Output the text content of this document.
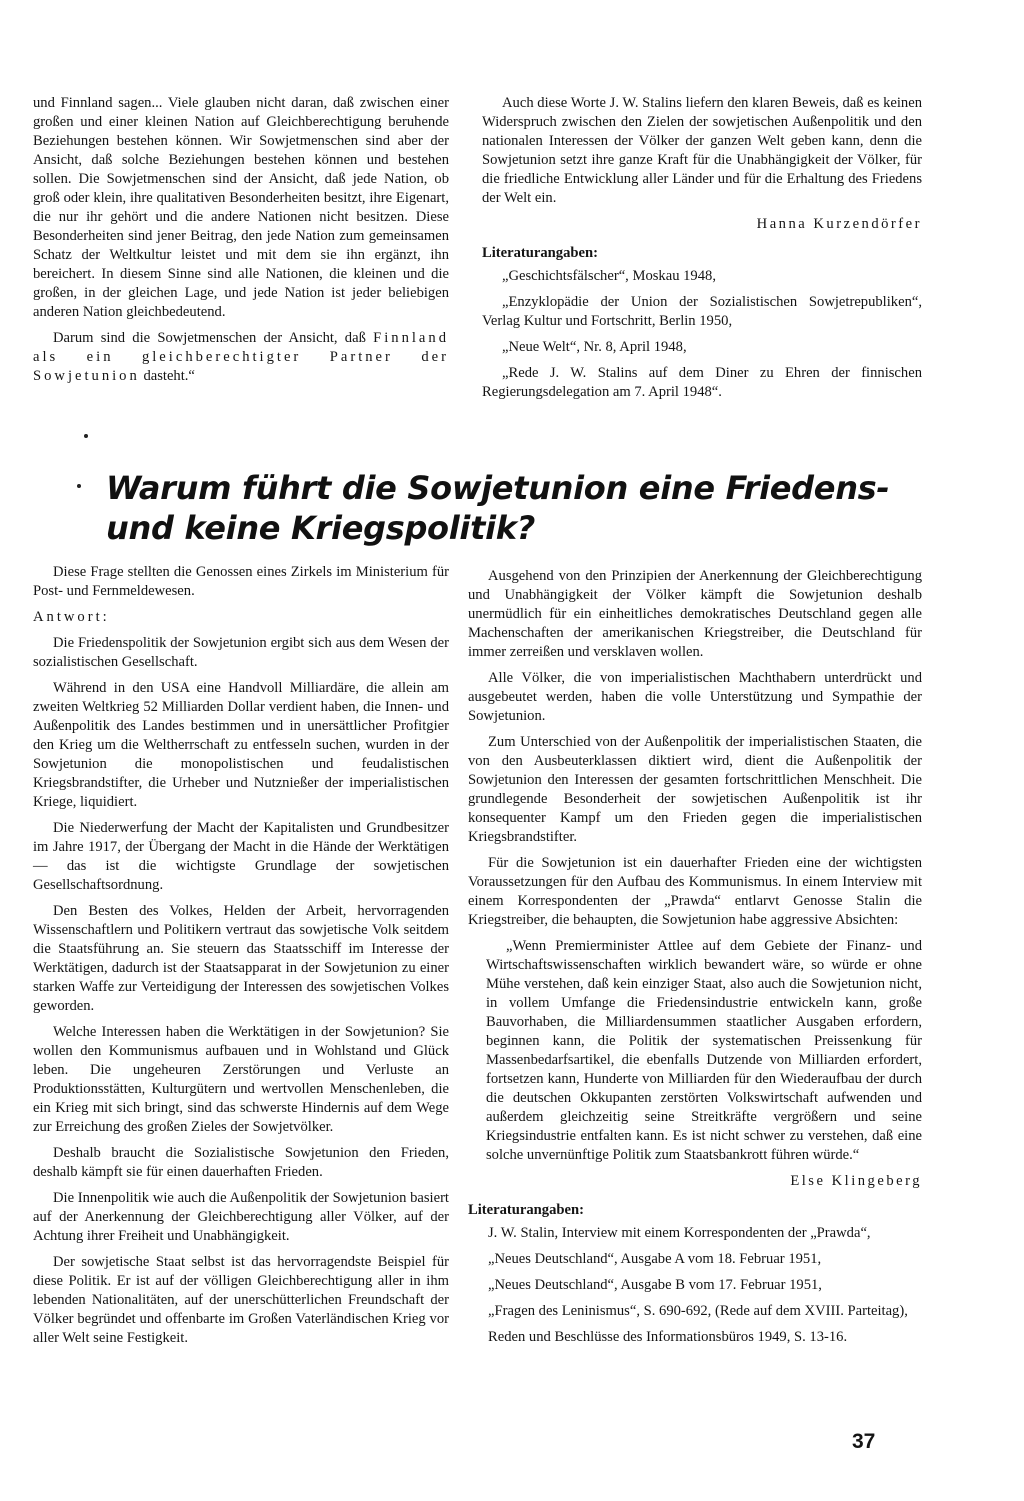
und Finnland sagen... Viele glauben nicht daran, daß zwischen einer großen und einer kleinen Nation auf Gleichberechtigung beruhende Beziehungen bestehen können. Wir Sowjetmenschen sind aber der Ansicht, daß solche Beziehungen bestehen können und bestehen sollen. Die Sowjetmenschen sind der Ansicht, daß jede Nation, ob groß oder klein, ihre qualitativen Besonderheiten besitzt, ihre Eigenart, die nur ihr gehört und die andere Nationen nicht besitzen. Diese Besonderheiten sind jener Beitrag, den jede Nation zum gemeinsamen Schatz der Weltkultur leistet und mit dem sie ihn ergänzt, ihn bereichert. In diesem Sinne sind alle Nationen, die kleinen und die großen, in der gleichen Lage, und jede Nation ist jeder beliebigen anderen Nation gleichbedeutend.

Darum sind die Sowjetmenschen der Ansicht, daß Finnland als ein gleichberechtigter Partner der Sowjetunion dasteht.“

Auch diese Worte J. W. Stalins liefern den klaren Beweis, daß es keinen Widerspruch zwischen den Zielen der sowjetischen Außenpolitik und den nationalen Interessen der Völker der ganzen Welt geben kann, denn die Sowjetunion setzt ihre ganze Kraft für die Unabhängigkeit der Völker, für die friedliche Entwicklung aller Länder und für die Erhaltung des Friedens der Welt ein.

Hanna Kurzendörfer
Literaturangaben:

„Geschichtsfälscher“, Moskau 1948,

„Enzyklopädie der Union der Sozialistischen Sowjetrepubliken“, Verlag Kultur und Fortschritt, Berlin 1950,

„Neue Welt“, Nr. 8, April 1948,

„Rede J. W. Stalins auf dem Diner zu Ehren der finnischen Regierungsdelegation am 7. April 1948“.

Warum führt die Sowjetunion eine Friedens-
und keine Kriegspolitik?

Diese Frage stellten die Genossen eines Zirkels im Ministerium für Post- und Fernmeldewesen.

Antwort:

Die Friedenspolitik der Sowjetunion ergibt sich aus dem Wesen der sozialistischen Gesellschaft.

Während in den USA eine Handvoll Milliardäre, die allein am zweiten Weltkrieg 52 Milliarden Dollar verdient haben, die Innen- und Außenpolitik des Landes bestimmen und in unersättlicher Profitgier den Krieg um die Weltherrschaft zu entfesseln suchen, wurden in der Sowjetunion die monopolistischen und feudalistischen Kriegsbrandstifter, die Urheber und Nutznießer der imperialistischen Kriege, liquidiert.

Die Niederwerfung der Macht der Kapitalisten und Grundbesitzer im Jahre 1917, der Übergang der Macht in die Hände der Werktätigen — das ist die wichtigste Grundlage der sowjetischen Gesellschaftsordnung.

Den Besten des Volkes, Helden der Arbeit, hervorragenden Wissenschaftlern und Politikern vertraut das sowjetische Volk seitdem die Staatsführung an. Sie steuern das Staatsschiff im Interesse der Werktätigen, dadurch ist der Staatsapparat in der Sowjetunion zu einer starken Waffe zur Verteidigung der Interessen des sowjetischen Volkes geworden.

Welche Interessen haben die Werktätigen in der Sowjetunion? Sie wollen den Kommunismus aufbauen und in Wohlstand und Glück leben. Die ungeheuren Zerstörungen und Verluste an Produktionsstätten, Kulturgütern und wertvollen Menschenleben, die ein Krieg mit sich bringt, sind das schwerste Hindernis auf dem Wege zur Erreichung des großen Zieles der Sowjetvölker.

Deshalb braucht die Sozialistische Sowjetunion den Frieden, deshalb kämpft sie für einen dauerhaften Frieden.

Die Innenpolitik wie auch die Außenpolitik der Sowjetunion basiert auf der Anerkennung der Gleichberechtigung aller Völker, auf der Achtung ihrer Freiheit und Unabhängigkeit.

Der sowjetische Staat selbst ist das hervorragendste Beispiel für diese Politik. Er ist auf der völligen Gleichberechtigung aller in ihm lebenden Nationalitäten, auf der unerschütterlichen Freundschaft der Völker begründet und offenbarte im Großen Vaterländischen Krieg vor aller Welt seine Festigkeit.

Ausgehend von den Prinzipien der Anerkennung der Gleichberechtigung und Unabhängigkeit der Völker kämpft die Sowjetunion deshalb unermüdlich für ein einheitliches demokratisches Deutschland gegen alle Machenschaften der amerikanischen Kriegstreiber, die Deutschland für immer zerreißen und versklaven wollen.

Alle Völker, die von imperialistischen Machthabern unterdrückt und ausgebeutet werden, haben die volle Unterstützung und Sympathie der Sowjetunion.

Zum Unterschied von der Außenpolitik der imperialistischen Staaten, die von den Ausbeuterklassen diktiert wird, dient die Außenpolitik der Sowjetunion den Interessen der gesamten fortschrittlichen Menschheit. Die grundlegende Besonderheit der sowjetischen Außenpolitik ist ihr konsequenter Kampf um den Frieden gegen die imperialistischen Kriegsbrandstifter.

Für die Sowjetunion ist ein dauerhafter Frieden eine der wichtigsten Voraussetzungen für den Aufbau des Kommunismus. In einem Interview mit einem Korrespondenten der „Prawda“ entlarvt Genosse Stalin die Kriegstreiber, die behaupten, die Sowjetunion habe aggressive Absichten:

„Wenn Premierminister Attlee auf dem Gebiete der Finanz- und Wirtschaftswissenschaften wirklich bewandert wäre, so würde er ohne Mühe verstehen, daß kein einziger Staat, also auch die Sowjetunion nicht, in vollem Umfange die Friedensindustrie entwickeln kann, große Bauvorhaben, die Milliardensummen staatlicher Ausgaben erfordern, beginnen kann, die Politik der systematischen Preissenkung für Massenbedarfsartikel, die ebenfalls Dutzende von Milliarden erfordert, fortsetzen kann, Hunderte von Milliarden für den Wiederaufbau der durch die deutschen Okkupanten zerstörten Volkswirtschaft aufwenden und außerdem gleichzeitig seine Streitkräfte vergrößern und seine Kriegsindustrie entfalten kann. Es ist nicht schwer zu verstehen, daß eine solche unvernünftige Politik zum Staatsbankrott führen würde.“

Else Klingeberg
Literaturangaben:

J. W. Stalin, Interview mit einem Korrespondenten der „Prawda“,

„Neues Deutschland“, Ausgabe A vom 18. Februar 1951,

„Neues Deutschland“, Ausgabe B vom 17. Februar 1951,

„Fragen des Leninismus“, S. 690-692, (Rede auf dem XVIII. Parteitag),

Reden und Beschlüsse des Informationsbüros 1949, S. 13-16.

37
